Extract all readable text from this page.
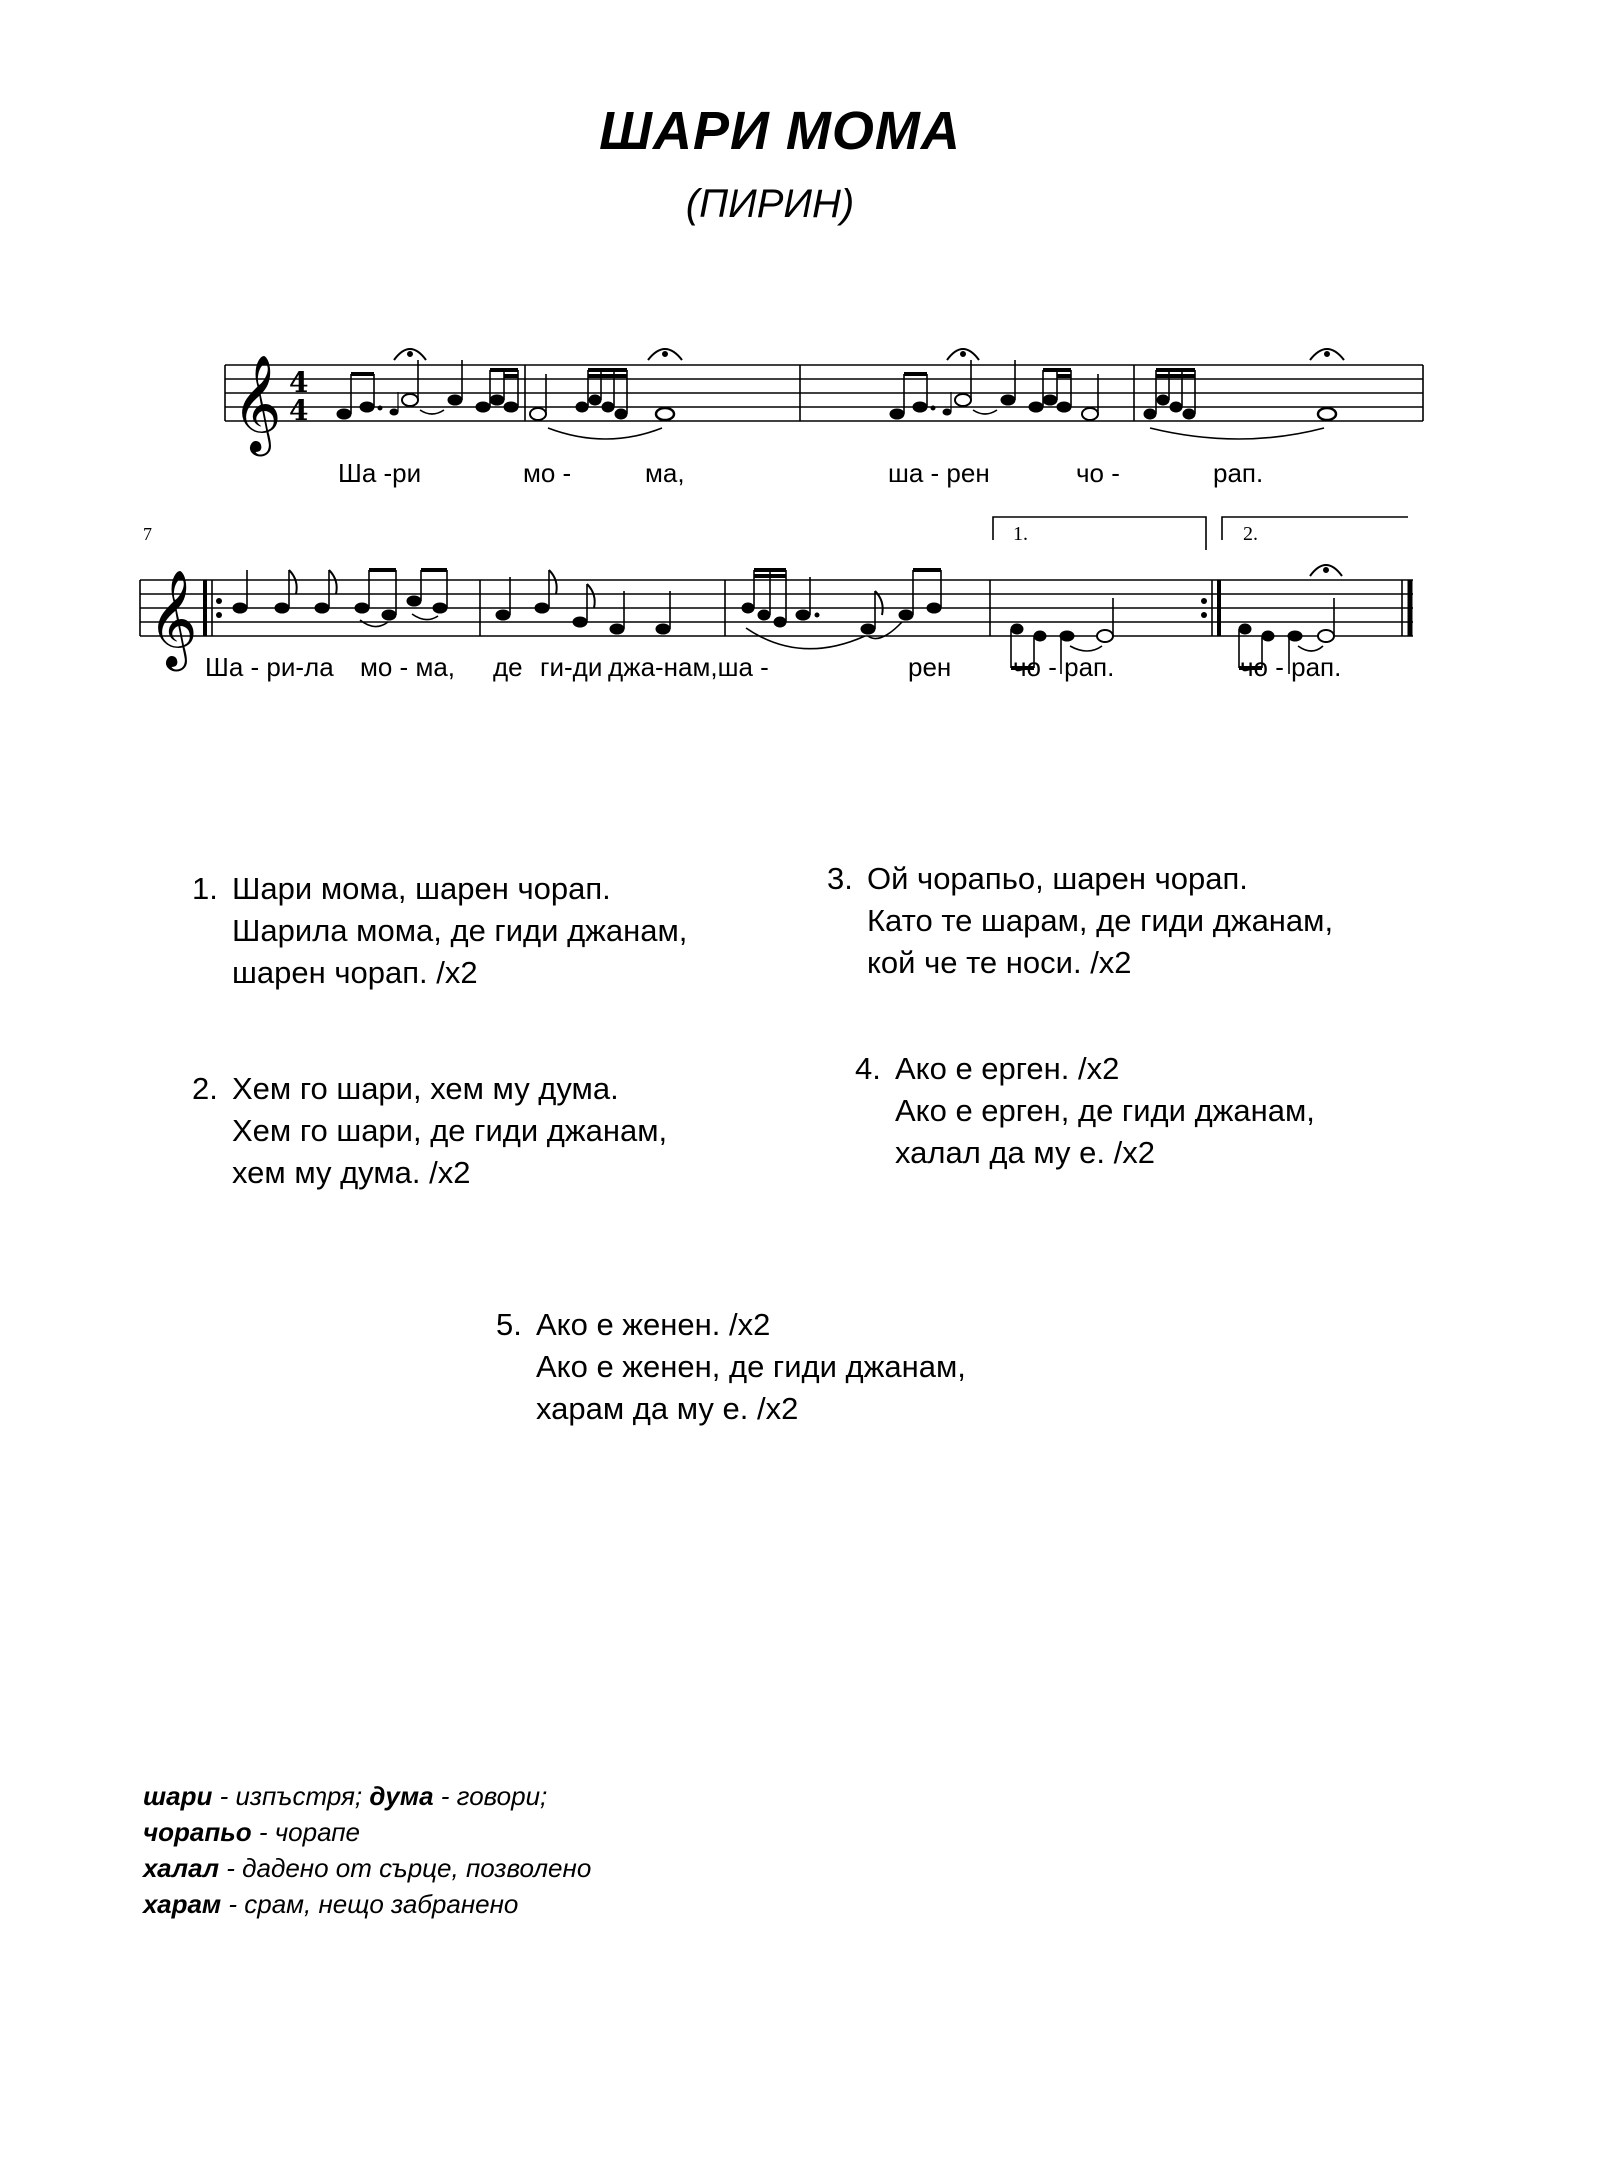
ШАРИ МОМА
(ПИРИН)
𝄞 4
4
Ша -ри	мо -	ма,	ша - рен	чо -	рап.
7
𝄞
1.	2.
Ша - ри-ла мо - ма, де ги-ди джа-нам,ша -	рен чо - рап.	чо - рап.
1. Шари мома, шарен чорап.
Шарила мома, де гиди джанам,
шарен чорап. /x2
2. Хем го шари, хем му дума.
Хем го шари, де гиди джанам,
хем му дума. /x2
3. Ой чорапьо, шарен чорап.
Като те шарам, де гиди джанам,
кой че те носи. /x2
4. Ако е ерген. /x2
Ако е ерген, де гиди джанам,
халал да му е. /x2
5. Ако е женен. /x2
Ако е женен, де гиди джанам,
харам да му е. /x2
шари - изпъстря; дума - говори;
чорапьо - чорапе
халал - дадено от сърце, позволено
харам - срам, нещо забранено
